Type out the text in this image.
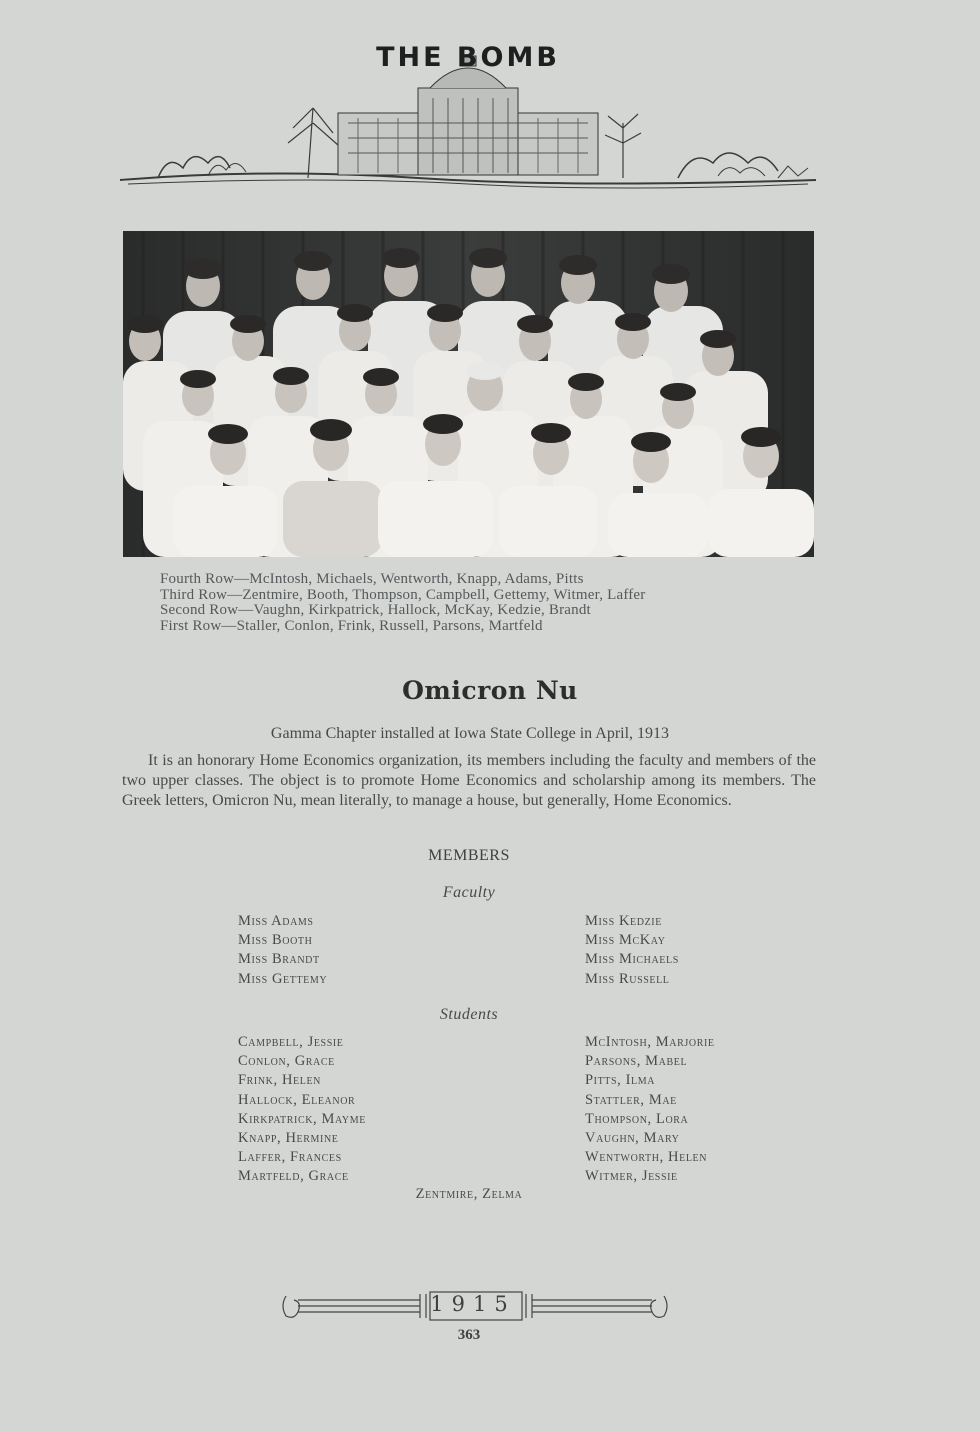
THE BOMB
Fourth Row—McIntosh, Michaels, Wentworth, Knapp, Adams, Pitts
Third Row—Zentmire, Booth, Thompson, Campbell, Gettemy, Witmer, Laffer
Second Row—Vaughn, Kirkpatrick, Hallock, McKay, Kedzie, Brandt
First Row—Staller, Conlon, Frink, Russell, Parsons, Martfeld
Omicron Nu
Gamma Chapter installed at Iowa State College in April, 1913

It is an honorary Home Economics organization, its members including the faculty and members of the two upper classes. The object is to promote Home Economics and scholarship among its members. The Greek letters, Omicron Nu, mean literally, to manage a house, but generally, Home Economics.

MEMBERS
Faculty
Miss Adams
Miss Booth
Miss Brandt
Miss Gettemy
Miss Kedzie
Miss McKay
Miss Michaels
Miss Russell
Students
Campbell, Jessie
Conlon, Grace
Frink, Helen
Hallock, Eleanor
Kirkpatrick, Mayme
Knapp, Hermine
Laffer, Frances
Martfeld, Grace
McIntosh, Marjorie
Parsons, Mabel
Pitts, Ilma
Stattler, Mae
Thompson, Lora
Vaughn, Mary
Wentworth, Helen
Witmer, Jessie
Zentmire, Zelma
1915
363
